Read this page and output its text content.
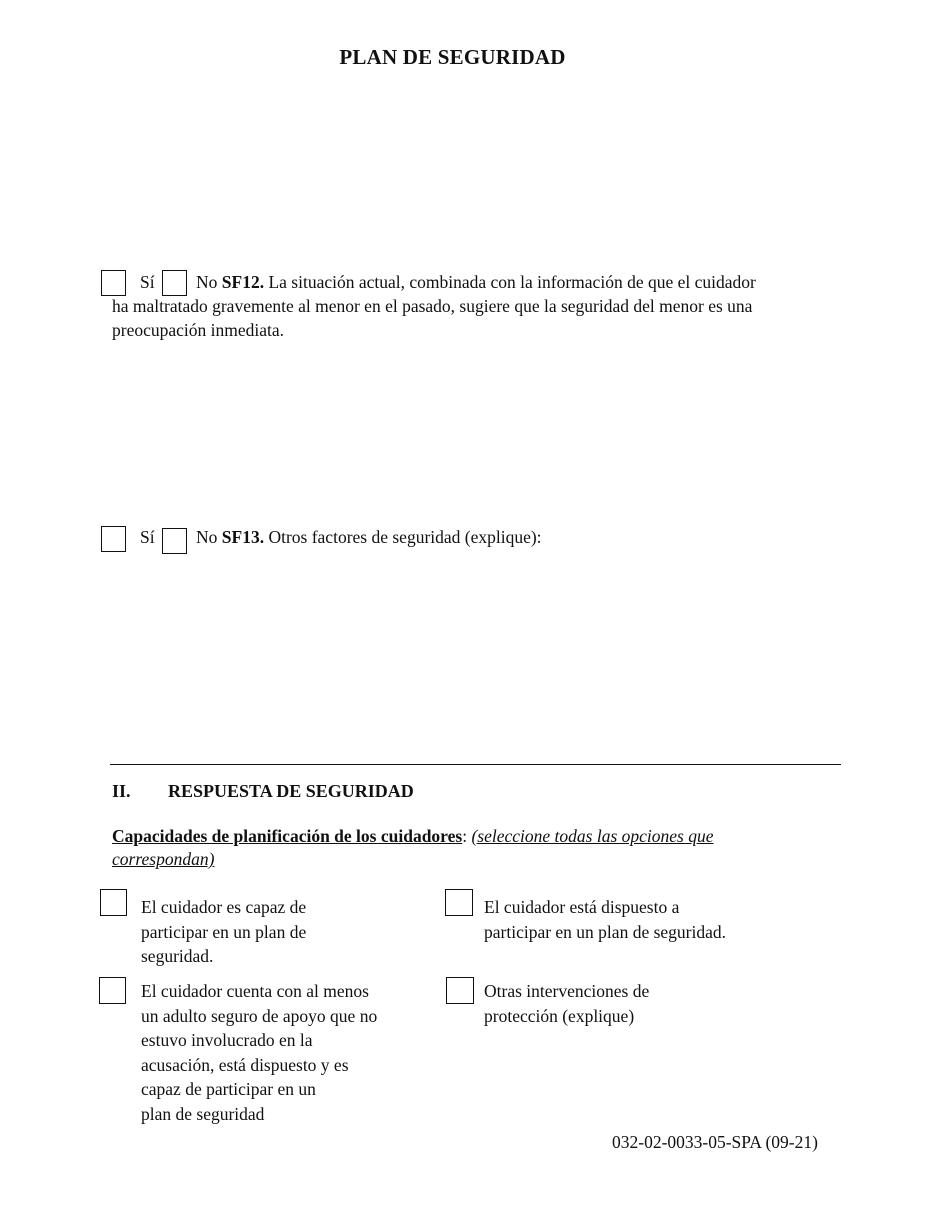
PLAN DE SEGURIDAD
Sí No SF12. La situación actual, combinada con la información de que el cuidador
ha maltratado gravemente al menor en el pasado, sugiere que la seguridad del menor es una
preocupación inmediata.
Sí No SF13. Otros factores de seguridad (explique):
II. RESPUESTA DE SEGURIDAD
Capacidades de planificación de los cuidadores: (seleccione todas las opciones que
correspondan)
El cuidador es capaz de
participar en un plan de
seguridad.
El cuidador está dispuesto a
participar en un plan de seguridad.
El cuidador cuenta con al menos
un adulto seguro de apoyo que no
estuvo involucrado en la
acusación, está dispuesto y es
capaz de participar en un
plan de seguridad
Otras intervenciones de
protección (explique)
032-02-0033-05-SPA (09-21)
